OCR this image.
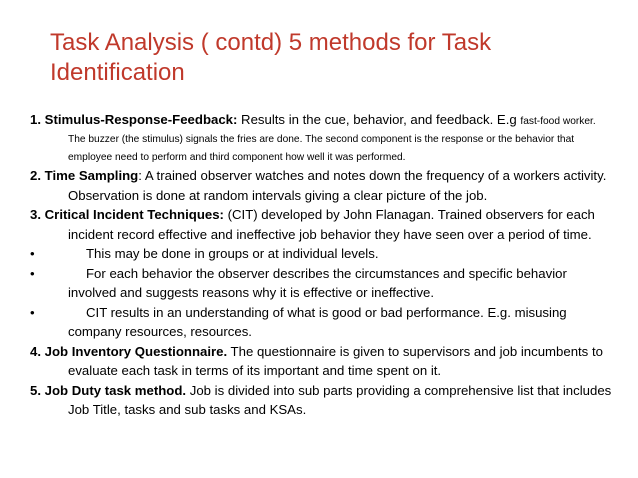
Task Analysis ( contd) 5 methods for Task Identification

1. Stimulus-Response-Feedback: Results in the cue, behavior, and feedback. E.g fast-food worker. The buzzer (the stimulus) signals the fries are done. The second component is the response or the behavior that employee need to perform and third component how well it was performed.

2. Time Sampling: A trained observer watches and notes down the frequency of a workers activity. Observation is done at random intervals giving a clear picture of the job.

3. Critical Incident Techniques: (CIT) developed by John Flanagan. Trained observers for each incident record effective and ineffective job behavior they have seen over a period of time.

•	This may be done in groups or at individual levels.

•	For each behavior the observer describes the circumstances and specific behavior involved and suggests reasons why it is effective or ineffective.

•	CIT results in an understanding of what is good or bad performance. E.g. misusing company resources, resources.

4. Job Inventory Questionnaire. The questionnaire is given to supervisors and job incumbents to evaluate each task in terms of its important and time spent on it.

5. Job Duty task method. Job is divided into sub parts providing a comprehensive list that includes Job Title, tasks and sub tasks and KSAs.
